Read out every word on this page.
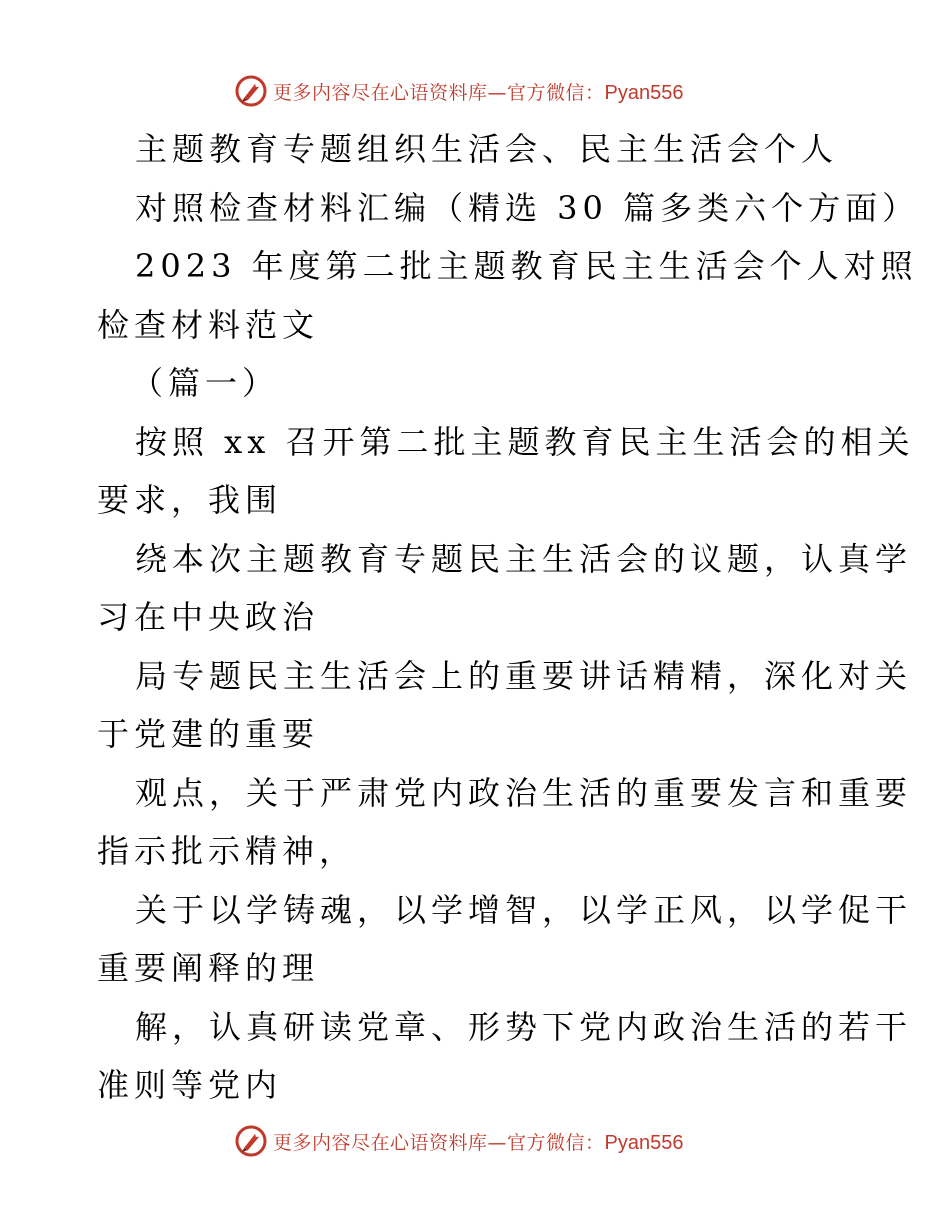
更多内容尽在心语资料库—官方微信：Pyan556
主题教育专题组织生活会、民主生活会个人
对照检查材料汇编（精选 30 篇多类六个方面）
2023 年度第二批主题教育民主生活会个人对照
检查材料范文
（篇一）
按照 xx 召开第二批主题教育民主生活会的相关
要求，我围
绕本次主题教育专题民主生活会的议题，认真学
习在中央政治
局专题民主生活会上的重要讲话精精，深化对关
于党建的重要
观点，关于严肃党内政治生活的重要发言和重要
指示批示精神，
关于以学铸魂，以学增智，以学正风，以学促干
重要阐释的理
解，认真研读党章、形势下党内政治生活的若干
准则等党内
更多内容尽在心语资料库—官方微信：Pyan556
